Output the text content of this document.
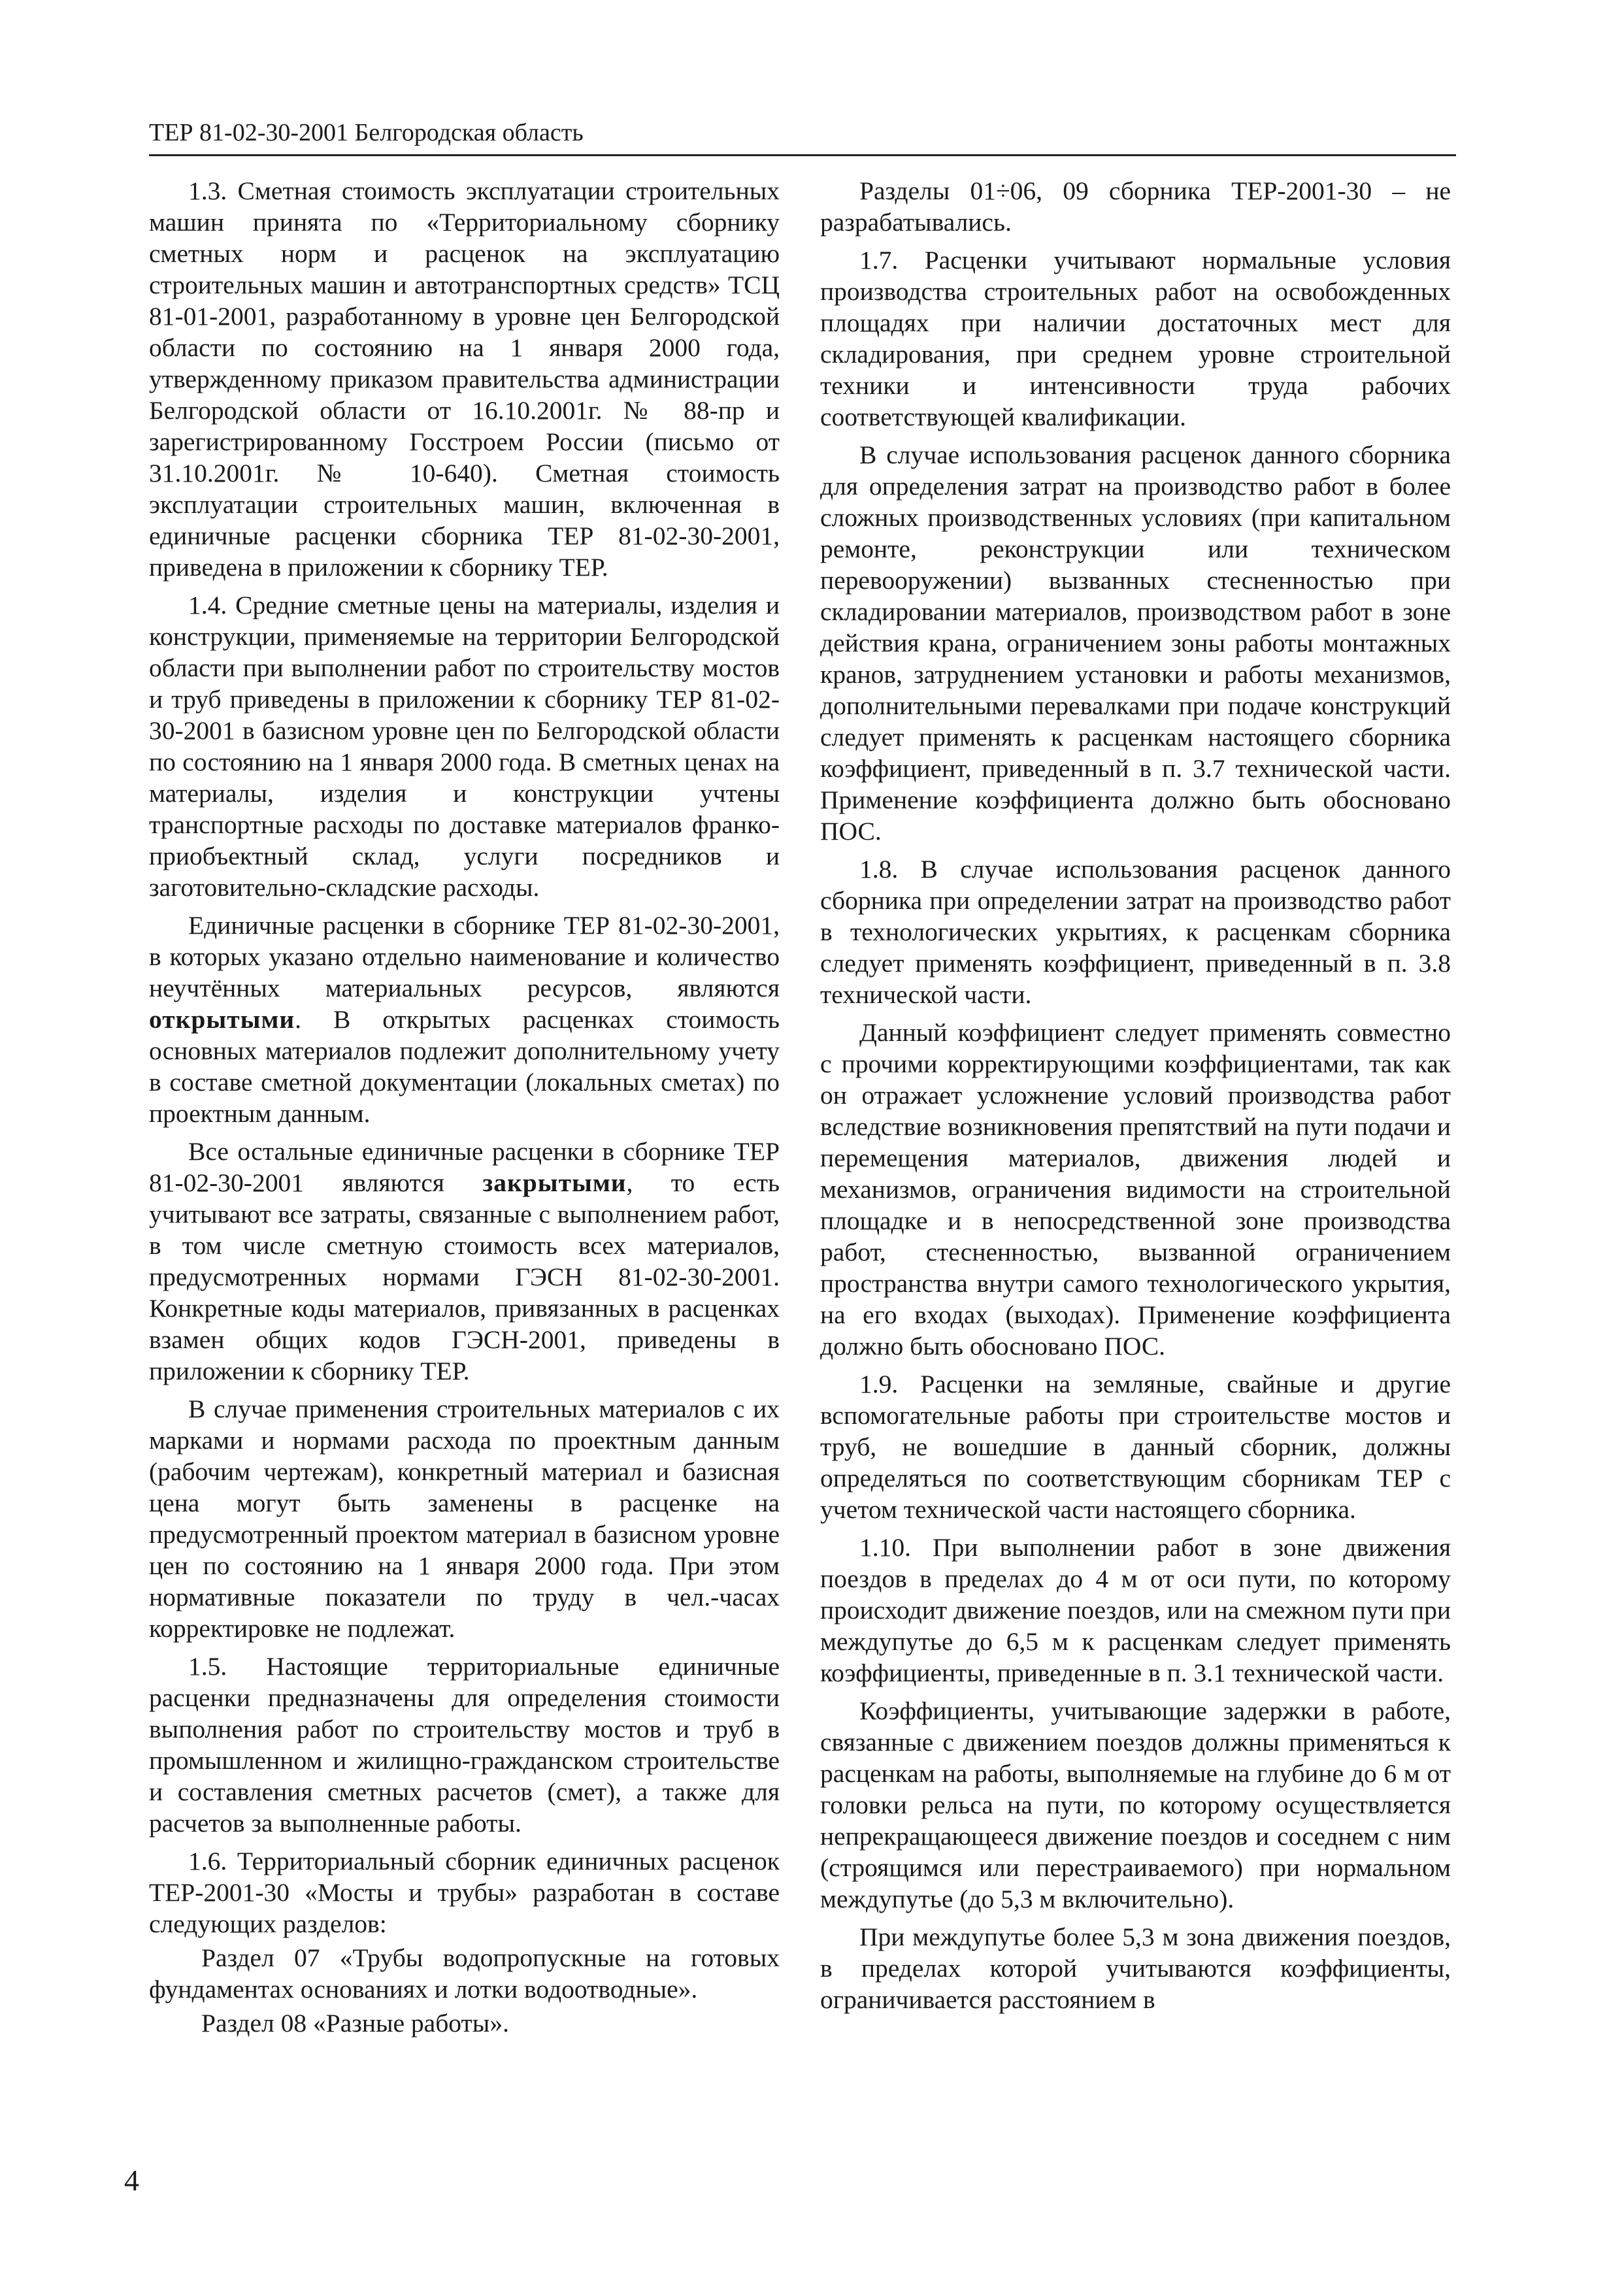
ТЕР 81-02-30-2001 Белгородская область

1.3. Сметная стоимость эксплуатации строительных машин принята по «Территориальному сборнику сметных норм и расценок на эксплуатацию строительных машин и автотранспортных средств» ТСЦ 81-01-2001, разработанному в уровне цен Белгородской области по состоянию на 1 января 2000 года, утвержденному приказом правительства администрации Белгородской области от 16.10.2001г. № 88-пр и зарегистрированному Госстроем России (письмо от 31.10.2001г. № 10-640). Сметная стоимость эксплуатации строительных машин, включенная в единичные расценки сборника ТЕР 81-02-30-2001, приведена в приложении к сборнику ТЕР.

1.4. Средние сметные цены на материалы, изделия и конструкции, применяемые на территории Белгородской области при выполнении работ по строительству мостов и труб приведены в приложении к сборнику ТЕР 81-02-30-2001 в базисном уровне цен по Белгородской области по состоянию на 1 января 2000 года. В сметных ценах на материалы, изделия и конструкции учтены транспортные расходы по доставке материалов франко-приобъектный склад, услуги посредников и заготовительно-складские расходы.

Единичные расценки в сборнике ТЕР 81-02-30-2001, в которых указано отдельно наименование и количество неучтённых материальных ресурсов, являются открытыми. В открытых расценках стоимость основных материалов подлежит дополнительному учету в составе сметной документации (локальных сметах) по проектным данным.

Все остальные единичные расценки в сборнике ТЕР 81-02-30-2001 являются закрытыми, то есть учитывают все затраты, связанные с выполнением работ, в том числе сметную стоимость всех материалов, предусмотренных нормами ГЭСН 81-02-30-2001. Конкретные коды материалов, привязанных в расценках взамен общих кодов ГЭСН-2001, приведены в приложении к сборнику ТЕР.

В случае применения строительных материалов с их марками и нормами расхода по проектным данным (рабочим чертежам), конкретный материал и базисная цена могут быть заменены в расценке на предусмотренный проектом материал в базисном уровне цен по состоянию на 1 января 2000 года. При этом нормативные показатели по труду в чел.-часах корректировке не подлежат.

1.5. Настоящие территориальные единичные расценки предназначены для определения стоимости выполнения работ по строительству мостов и труб в промышленном и жилищно-гражданском строительстве и составления сметных расчетов (смет), а также для расчетов за выполненные работы.

1.6. Территориальный сборник единичных расценок ТЕР-2001-30 «Мосты и трубы» разработан в составе следующих разделов:

Раздел 07 «Трубы водопропускные на готовых фундаментах основаниях и лотки водоотводные».

Раздел 08 «Разные работы».

Разделы 01÷06, 09 сборника ТЕР-2001-30 – не разрабатывались.

1.7. Расценки учитывают нормальные условия производства строительных работ на освобожденных площадях при наличии достаточных мест для складирования, при среднем уровне строительной техники и интенсивности труда рабочих соответствующей квалификации.

В случае использования расценок данного сборника для определения затрат на производство работ в более сложных производственных условиях (при капитальном ремонте, реконструкции или техническом перевооружении) вызванных стесненностью при складировании материалов, производством работ в зоне действия крана, ограничением зоны работы монтажных кранов, затруднением установки и работы механизмов, дополнительными перевалками при подаче конструкций следует применять к расценкам настоящего сборника коэффициент, приведенный в п. 3.7 технической части. Применение коэффициента должно быть обосновано ПОС.

1.8. В случае использования расценок данного сборника при определении затрат на производство работ в технологических укрытиях, к расценкам сборника следует применять коэффициент, приведенный в п. 3.8 технической части.

Данный коэффициент следует применять совместно с прочими корректирующими коэффициентами, так как он отражает усложнение условий производства работ вследствие возникновения препятствий на пути подачи и перемещения материалов, движения людей и механизмов, ограничения видимости на строительной площадке и в непосредственной зоне производства работ, стесненностью, вызванной ограничением пространства внутри самого технологического укрытия, на его входах (выходах). Применение коэффициента должно быть обосновано ПОС.

1.9. Расценки на земляные, свайные и другие вспомогательные работы при строительстве мостов и труб, не вошедшие в данный сборник, должны определяться по соответствующим сборникам ТЕР с учетом технической части настоящего сборника.

1.10. При выполнении работ в зоне движения поездов в пределах до 4 м от оси пути, по которому происходит движение поездов, или на смежном пути при междупутье до 6,5 м к расценкам следует применять коэффициенты, приведенные в п. 3.1 технической части.

Коэффициенты, учитывающие задержки в работе, связанные с движением поездов должны применяться к расценкам на работы, выполняемые на глубине до 6 м от головки рельса на пути, по которому осуществляется непрекращающееся движение поездов и соседнем с ним (строящимся или перестраиваемого) при нормальном междупутье (до 5,3 м включительно).

При междупутье более 5,3 м зона движения поездов, в пределах которой учитываются коэффициенты, ограничивается расстоянием в

4
